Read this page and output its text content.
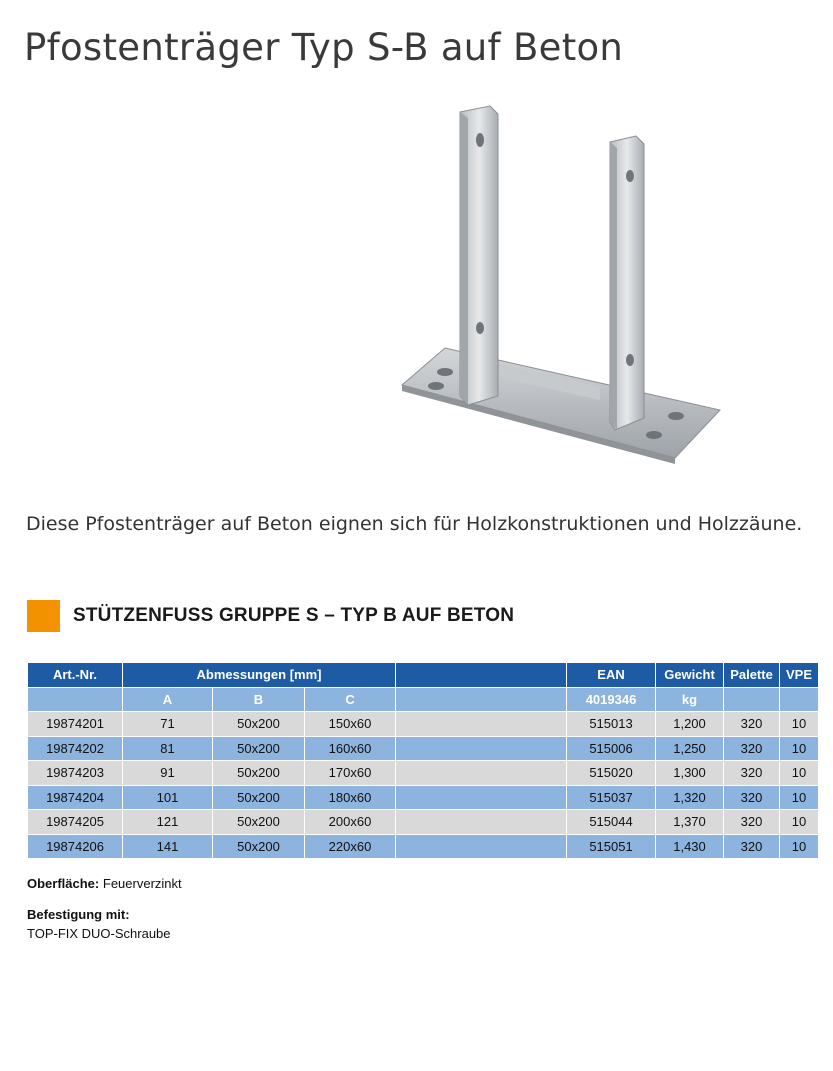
Pfostenträger Typ S-B auf Beton

Diese Pfostenträger auf Beton eignen sich für Holzkonstruktionen und Holzzäune.

STÜTZENFUSS GRUPPE S – TYP B AUF BETON
Art.-Nr.	Abmessungen [mm]				EAN	Gewicht	Palette	VPE
	A	B	C		4019346	kg		
19874201	71	50x200	150x60		515013	1,200	320	10
19874202	81	50x200	160x60		515006	1,250	320	10
19874203	91	50x200	170x60		515020	1,300	320	10
19874204	101	50x200	180x60		515037	1,320	320	10
19874205	121	50x200	200x60		515044	1,370	320	10
19874206	141	50x200	220x60		515051	1,430	320	10
Oberfläche: Feuerverzinkt
Befestigung mit:
TOP-FIX DUO-Schraube
